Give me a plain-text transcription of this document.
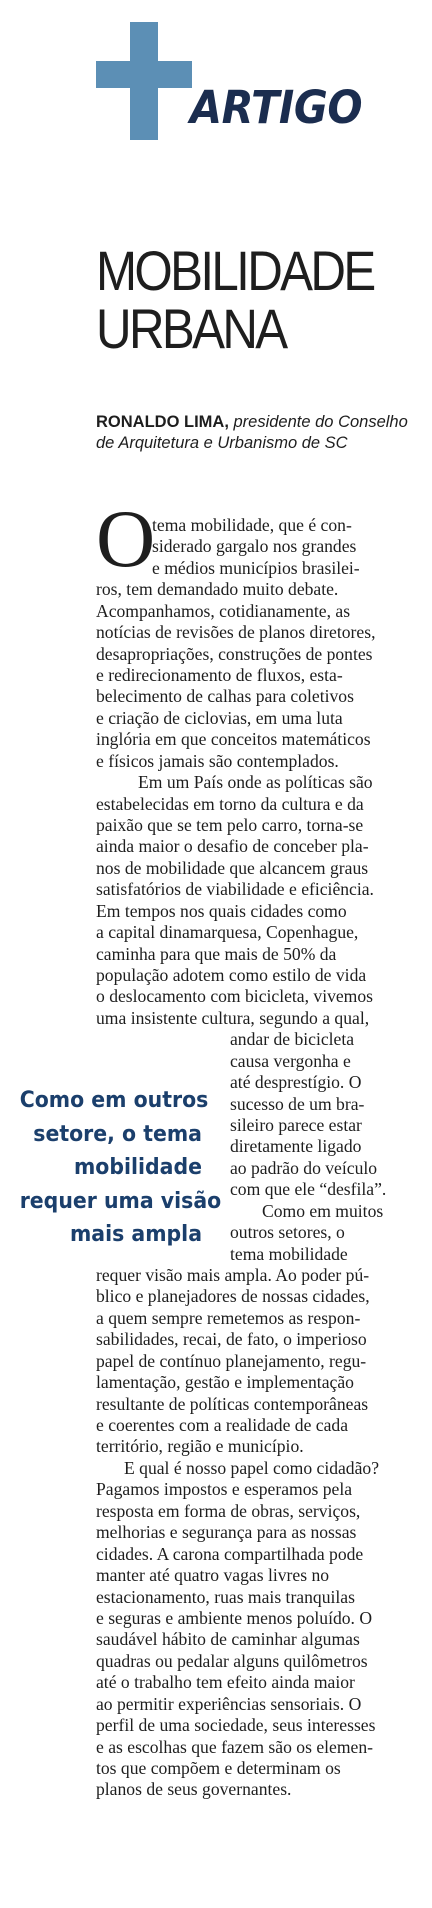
ARTIGO
MOBILIDADE
URBANA
RONALDO LIMA, presidente do Conselho
de Arquitetura e Urbanismo de SC
O
tema mobilidade, que é con-
siderado gargalo nos grandes
e médios municípios brasilei-
ros, tem demandado muito debate.
Acompanhamos, cotidianamente, as
notícias de revisões de planos diretores,
desapropriações, construções de pontes
e redirecionamento de fluxos, esta-
belecimento de calhas para coletivos
e criação de ciclovias, em uma luta
inglória em que conceitos matemáticos
e físicos jamais são contemplados.
Em um País onde as políticas são
estabelecidas em torno da cultura e da
paixão que se tem pelo carro, torna-se
ainda maior o desafio de conceber pla-
nos de mobilidade que alcancem graus
satisfatórios de viabilidade e eficiência.
Em tempos nos quais cidades como
a capital dinamarquesa, Copenhague,
caminha para que mais de 50% da
população adotem como estilo de vida
o deslocamento com bicicleta, vivemos
uma insistente cultura, segundo a qual,
andar de bicicleta
causa vergonha e
até desprestígio. O
sucesso de um bra-
sileiro parece estar
diretamente ligado
ao padrão do veículo
com que ele “desfila”.
Como em muitos
outros setores, o
tema mobilidade
requer visão mais ampla. Ao poder pú-
blico e planejadores de nossas cidades,
a quem sempre remetemos as respon-
sabilidades, recai, de fato, o imperioso
papel de contínuo planejamento, regu-
lamentação, gestão e implementação
resultante de políticas contemporâneas
e coerentes com a realidade de cada
território, região e município.
E qual é nosso papel como cidadão?
Pagamos impostos e esperamos pela
resposta em forma de obras, serviços,
melhorias e segurança para as nossas
cidades. A carona compartilhada pode
manter até quatro vagas livres no
estacionamento, ruas mais tranquilas
e seguras e ambiente menos poluído. O
saudável hábito de caminhar algumas
quadras ou pedalar alguns quilômetros
até o trabalho tem efeito ainda maior
ao permitir experiências sensoriais. O
perfil de uma sociedade, seus interesses
e as escolhas que fazem são os elemen-
tos que compõem e determinam os
planos de seus governantes.
Como em outros
setore, o tema
mobilidade
requer uma visão
mais ampla
